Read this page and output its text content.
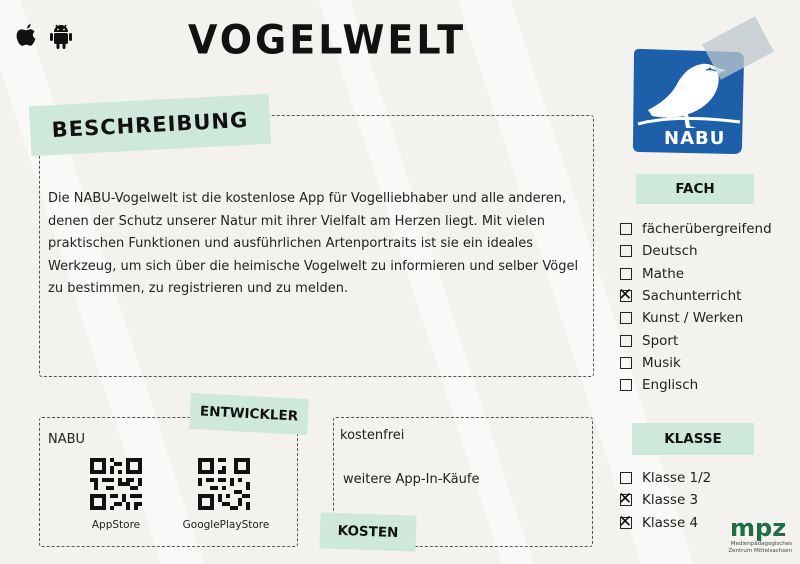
VOGELWELT
BESCHREIBUNG
Die NABU-Vogelwelt ist die kostenlose App für Vogelliebhaber und alle anderen, denen der Schutz unserer Natur mit ihrer Vielfalt am Herzen liegt. Mit vielen praktischen Funktionen und ausführlichen Artenportraits ist sie ein ideales Werkzeug, um sich über die heimische Vogelwelt zu informieren und selber Vögel zu bestimmen, zu registrieren und zu melden.
NABU
FACH
fächerübergreifend
Deutsch
Mathe
✕
Sachunterricht
Kunst / Werken
Sport
Musik
Englisch
ENTWICKLER
NABU
AppStore	GooglePlayStore
kostenfrei
weitere App-In-Käufe
KOSTEN
KLASSE
Klasse 1/2
✕
Klasse 3
✕
Klasse 4 mpz
Medienpädagogisches
Zentrum Mittelsachsen
